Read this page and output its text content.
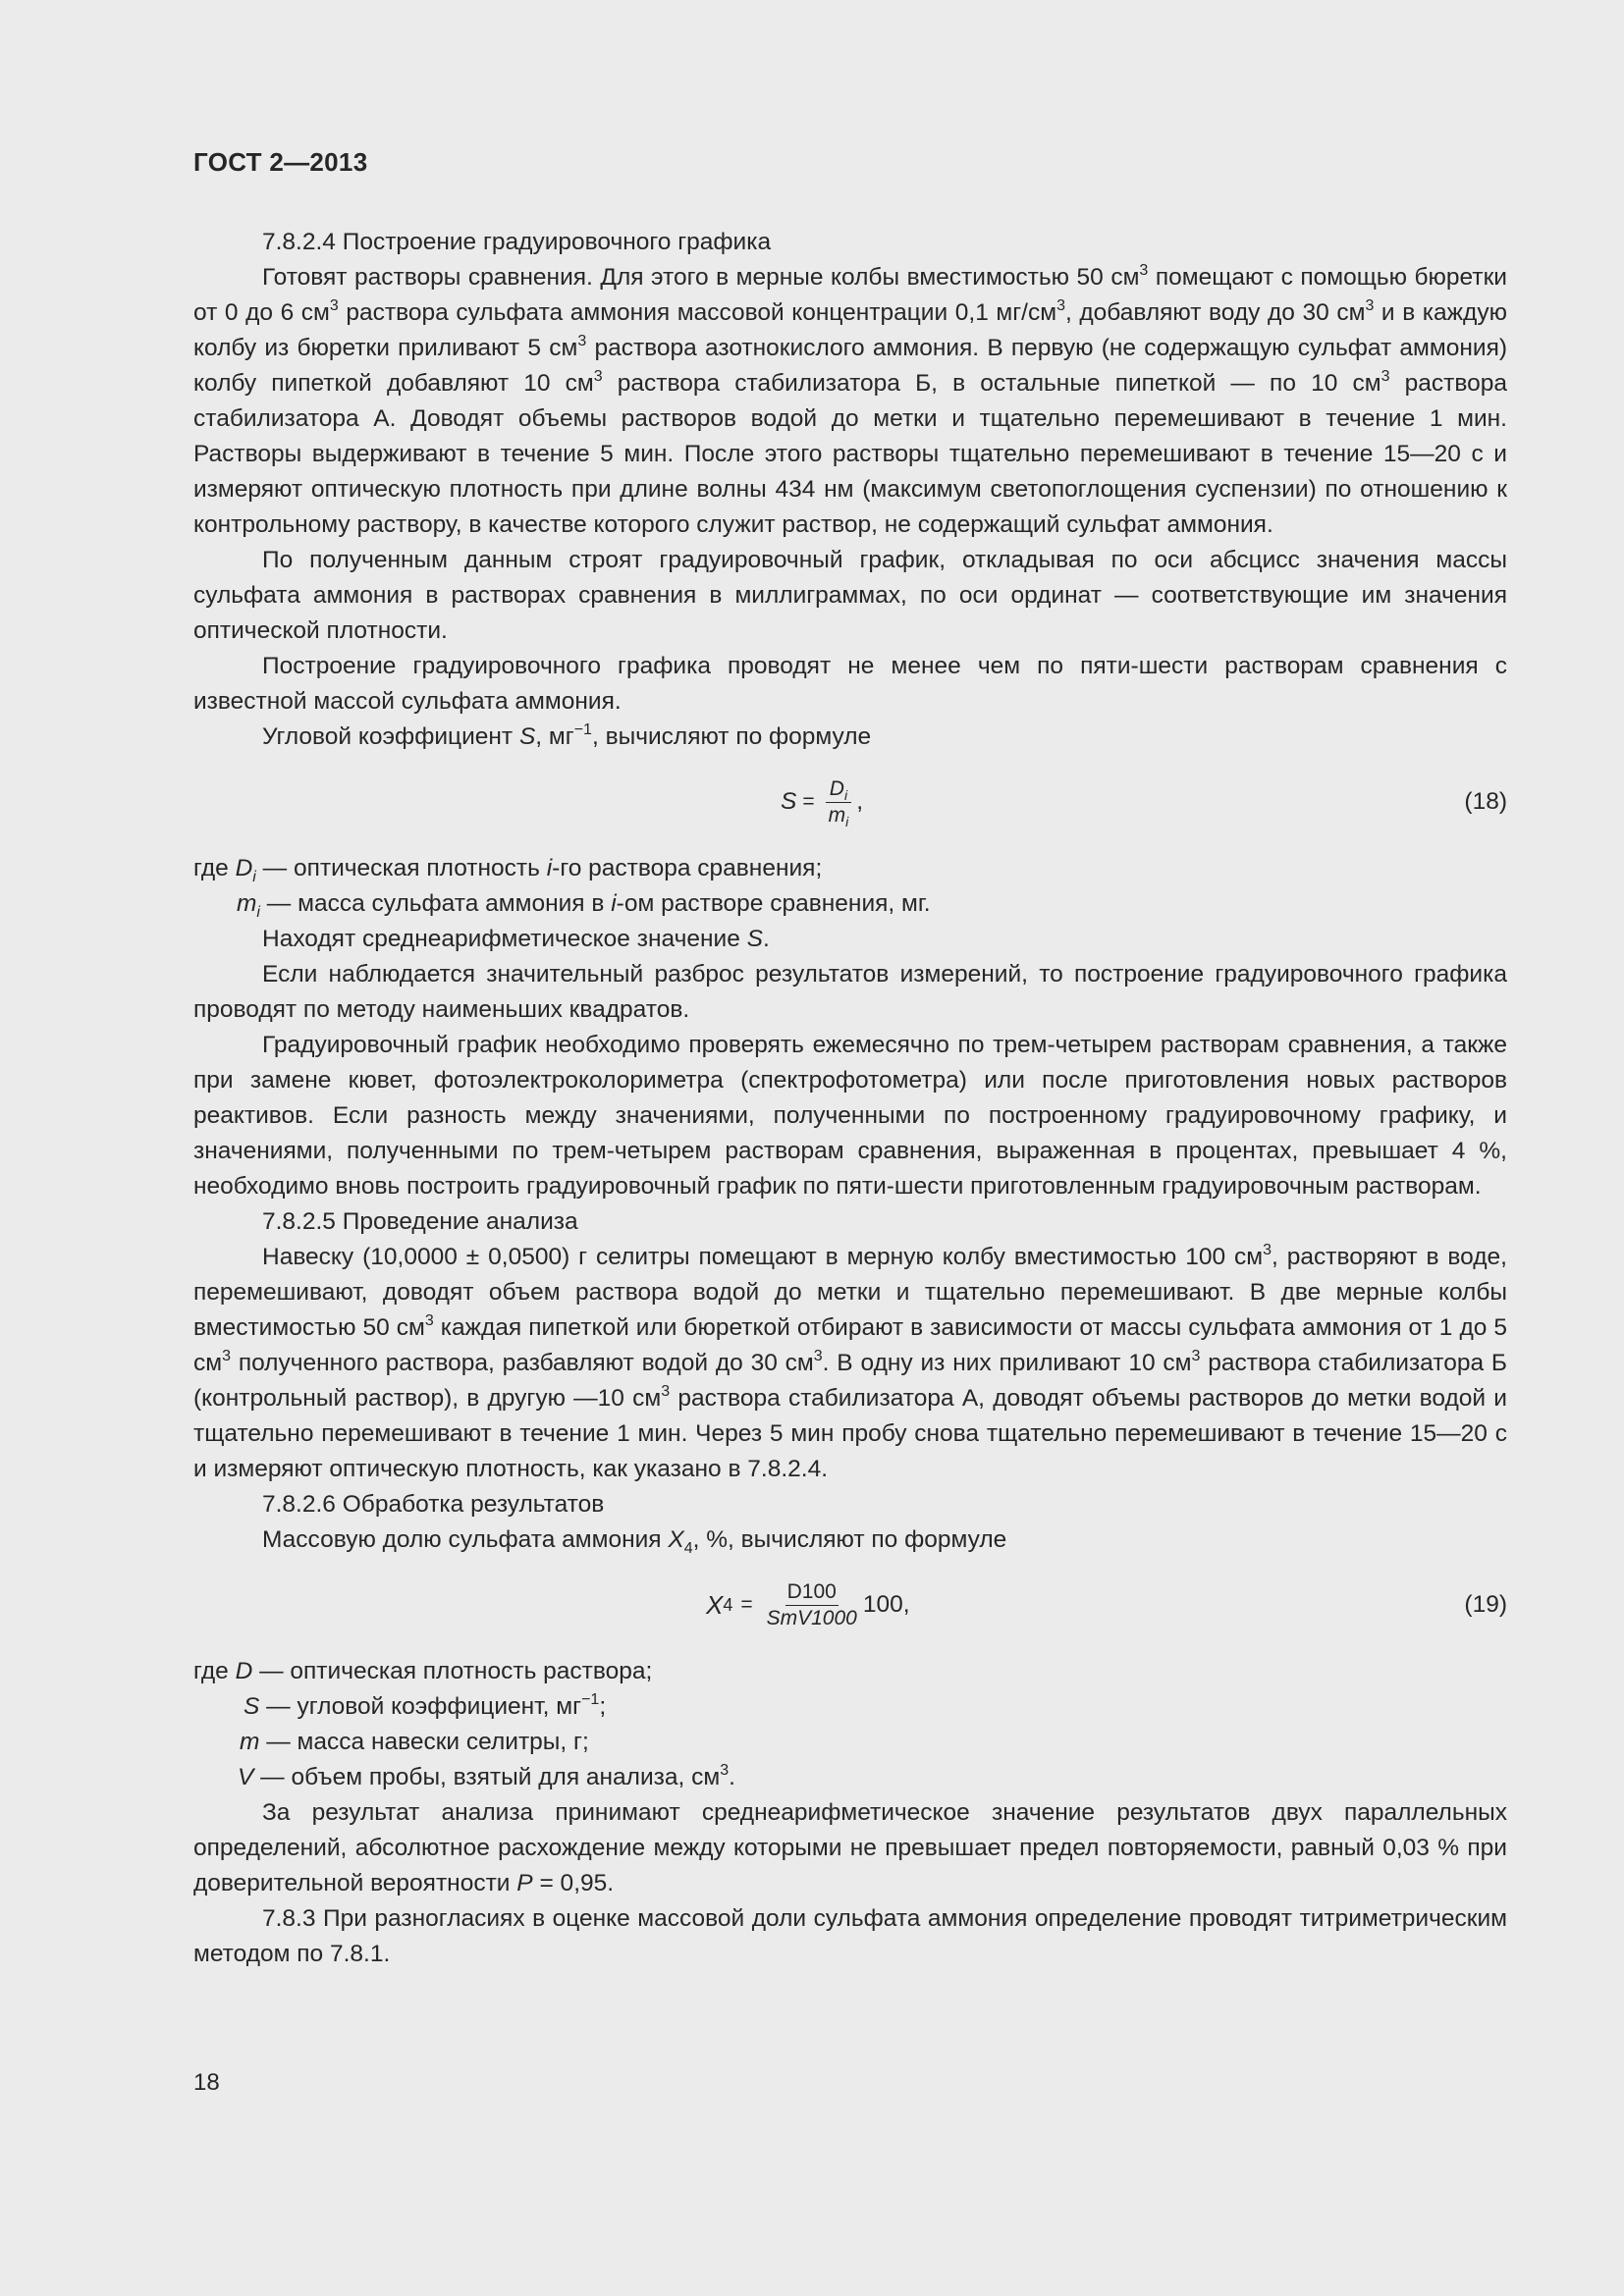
ГОСТ 2—2013

7.8.2.4 Построение градуировочного графика

Готовят растворы сравнения. Для этого в мерные колбы вместимостью 50 $см^3$ помещают с помощью бюретки от 0 до 6 $см^3$ раствора сульфата аммония массовой концентрации 0,1 $мг/см^3$, добавляют воду до 30 $см^3$ и в каждую колбу из бюретки приливают 5 $см^3$ раствора азотнокислого аммония. В первую (не содержащую сульфат аммония) колбу пипеткой добавляют 10 $см^3$ раствора стабилизатора Б, в остальные пипеткой — по 10 $см^3$ раствора стабилизатора А. Доводят объемы растворов водой до метки и тщательно перемешивают в течение 1 мин. Растворы выдерживают в течение 5 мин. После этого растворы тщательно перемешивают в течение 15—20 с и измеряют оптическую плотность при длине волны 434 нм (максимум светопоглощения суспензии) по отношению к контрольному раствору, в качестве которого служит раствор, не содержащий сульфат аммония.

По полученным данным строят градуировочный график, откладывая по оси абсцисс значения массы сульфата аммония в растворах сравнения в миллиграммах, по оси ординат — соответствующие им значения оптической плотности.

Построение градуировочного графика проводят не менее чем по пяти-шести растворам сравнения с известной массой сульфата аммония.

Угловой коэффициент S, $мг^{-1}$, вычисляют по формуле

$S = \frac{D_i}{m_i}$ ,	(18)

где $D_i$ — оптическая плотность i-го раствора сравнения;

$m_i$ — масса сульфата аммония в i-ом растворе сравнения, мг.

Находят среднеарифметическое значение S.

Если наблюдается значительный разброс результатов измерений, то построение градуировочного графика проводят по методу наименьших квадратов.

Градуировочный график необходимо проверять ежемесячно по трем-четырем растворам сравнения, а также при замене кювет, фотоэлектроколориметра (спектрофотометра) или после приготовления новых растворов реактивов. Если разность между значениями, полученными по построенному градуировочному графику, и значениями, полученными по трем-четырем растворам сравнения, выраженная в процентах, превышает 4 %, необходимо вновь построить градуировочный график по пяти-шести приготовленным градуировочным растворам.

7.8.2.5 Проведение анализа

Навеску (10,0000 ± 0,0500) г селитры помещают в мерную колбу вместимостью 100 $см^3$, растворяют в воде, перемешивают, доводят объем раствора водой до метки и тщательно перемешивают. В две мерные колбы вместимостью 50 $см^3$ каждая пипеткой или бюреткой отбирают в зависимости от массы сульфата аммония от 1 до 5 $см^3$ полученного раствора, разбавляют водой до 30 $см^3$. В одну из них приливают 10 $см^3$ раствора стабилизатора Б (контрольный раствор), в другую —10 $см^3$ раствора стабилизатора А, доводят объемы растворов до метки водой и тщательно перемешивают в течение 1 мин. Через 5 мин пробу снова тщательно перемешивают в течение 15—20 с и измеряют оптическую плотность, как указано в 7.8.2.4.

7.8.2.6 Обработка результатов

Массовую долю сульфата аммония $X_4$, %, вычисляют по формуле

X $4 = \frac{D100}{\text{SmV1000}} 100$,	(19)

где D — оптическая плотность раствора;

S — угловой коэффициент, $мг^{-1}$;

m — масса навески селитры, г;

V — объем пробы, взятый для анализа, $см^3$.

За результат анализа принимают среднеарифметическое значение результатов двух параллельных определений, абсолютное расхождение между которыми не превышает предел повторяемости, равный 0,03 % при доверительной вероятности P = 0,95.

7.8.3 При разногласиях в оценке массовой доли сульфата аммония определение проводят титриметрическим методом по 7.8.1.

18
